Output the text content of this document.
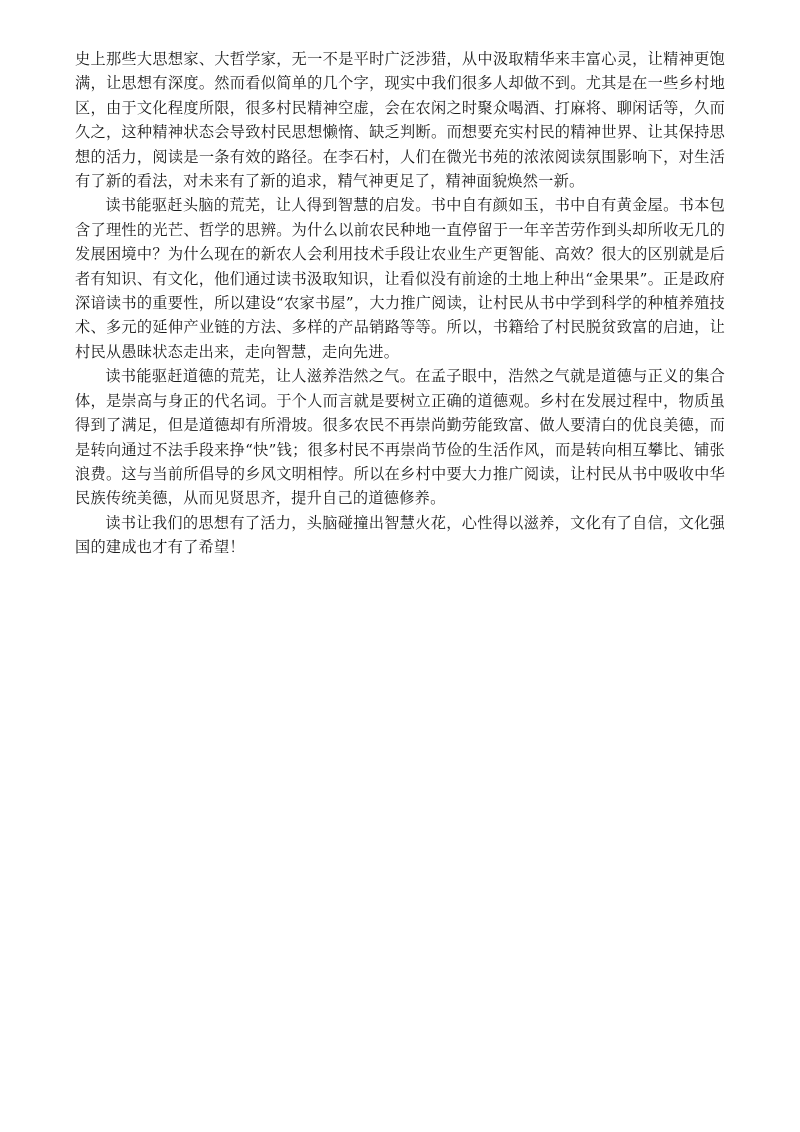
史上那些大思想家、大哲学家，无一不是平时广泛涉猎，从中汲取精华来丰富心灵，让精神更饱满，让思想有深度。然而看似简单的几个字，现实中我们很多人却做不到。尤其是在一些乡村地区，由于文化程度所限，很多村民精神空虚，会在农闲之时聚众喝酒、打麻将、聊闲话等，久而久之，这种精神状态会导致村民思想懒惰、缺乏判断。而想要充实村民的精神世界、让其保持思想的活力，阅读是一条有效的路径。在李石村，人们在微光书苑的浓浓阅读氛围影响下，对生活有了新的看法，对未来有了新的追求，精气神更足了，精神面貌焕然一新。

读书能驱赶头脑的荒芜，让人得到智慧的启发。书中自有颜如玉，书中自有黄金屋。书本包含了理性的光芒、哲学的思辨。为什么以前农民种地一直停留于一年辛苦劳作到头却所收无几的发展困境中？为什么现在的新农人会利用技术手段让农业生产更智能、高效？很大的区别就是后者有知识、有文化，他们通过读书汲取知识，让看似没有前途的土地上种出“金果果”。正是政府深谙读书的重要性，所以建设“农家书屋”，大力推广阅读，让村民从书中学到科学的种植养殖技术、多元的延伸产业链的方法、多样的产品销路等等。所以，书籍给了村民脱贫致富的启迪，让村民从愚昧状态走出来，走向智慧，走向先进。

读书能驱赶道德的荒芜，让人滋养浩然之气。在孟子眼中，浩然之气就是道德与正义的集合体，是崇高与身正的代名词。于个人而言就是要树立正确的道德观。乡村在发展过程中，物质虽得到了满足，但是道德却有所滑坡。很多农民不再崇尚勤劳能致富、做人要清白的优良美德，而是转向通过不法手段来挣“快”钱；很多村民不再崇尚节俭的生活作风，而是转向相互攀比、铺张浪费。这与当前所倡导的乡风文明相悖。所以在乡村中要大力推广阅读，让村民从书中吸收中华民族传统美德，从而见贤思齐，提升自己的道德修养。

读书让我们的思想有了活力，头脑碰撞出智慧火花，心性得以滋养，文化有了自信，文化强国的建成也才有了希望！
